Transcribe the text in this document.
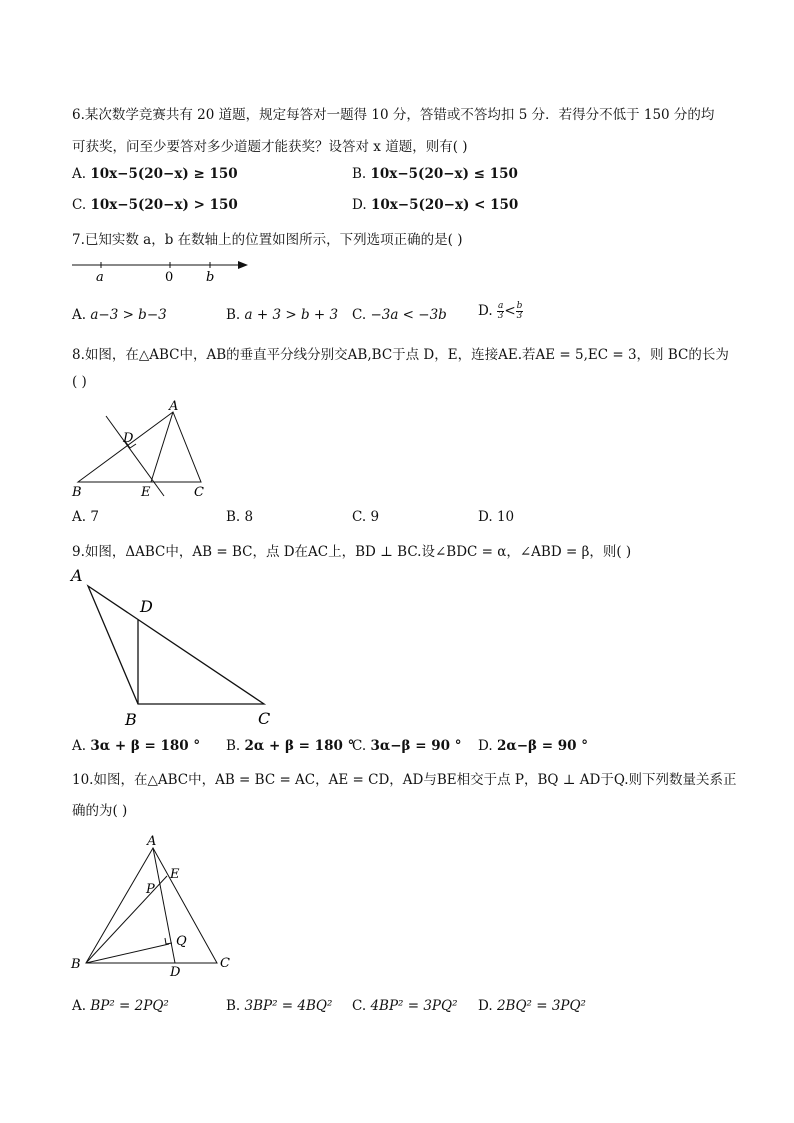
6.某次数学竞赛共有 20 道题，规定每答对一题得 10 分，答错或不答均扣 5 分．若得分不低于 150 分的均
可获奖，问至少要答对多少道题才能获奖？设答对 x 道题，则有( )
A. 10x−5(20−x) ≥ 150	B. 10x−5(20−x) ≤ 150
C. 10x−5(20−x) > 150	D. 10x−5(20−x) < 150
7.已知实数 a，b 在数轴上的位置如图所示，下列选项正确的是( )
a	0	b
A. a−3 > b−3	B. a + 3 > b + 3 C. −3a < −3b D. $\frac{a}{3} < \frac{b}{3}$
8.如图，在△ABC中，AB的垂直平分线分别交AB,BC于点 D，E，连接AE.若AE = 5,EC = 3，则 BC的长为
( )
A
D
B	E	C
A. 7	B. 8	C. 9	D. 10
9.如图，ΔABC中，AB = BC，点 D在AC上，BD ⊥ BC.设∠BDC = α，∠ABD = β，则( )
A
D
B	C
A. 3α + β = 180 ° B. 2α + β = 180 °
C. 3α−β = 90 ° D. 2α−β = 90 °
10.如图，在△ABC中，AB = BC = AC，AE = CD，AD与BE相交于点 P，BQ ⊥ AD于Q.则下列数量关系正
确的为( )
A
E
P
Q
B
D
C
A. BP² = 2PQ²	B. 3BP² = 4BQ² C. 4BP² = 3PQ² D. 2BQ² = 3PQ²
